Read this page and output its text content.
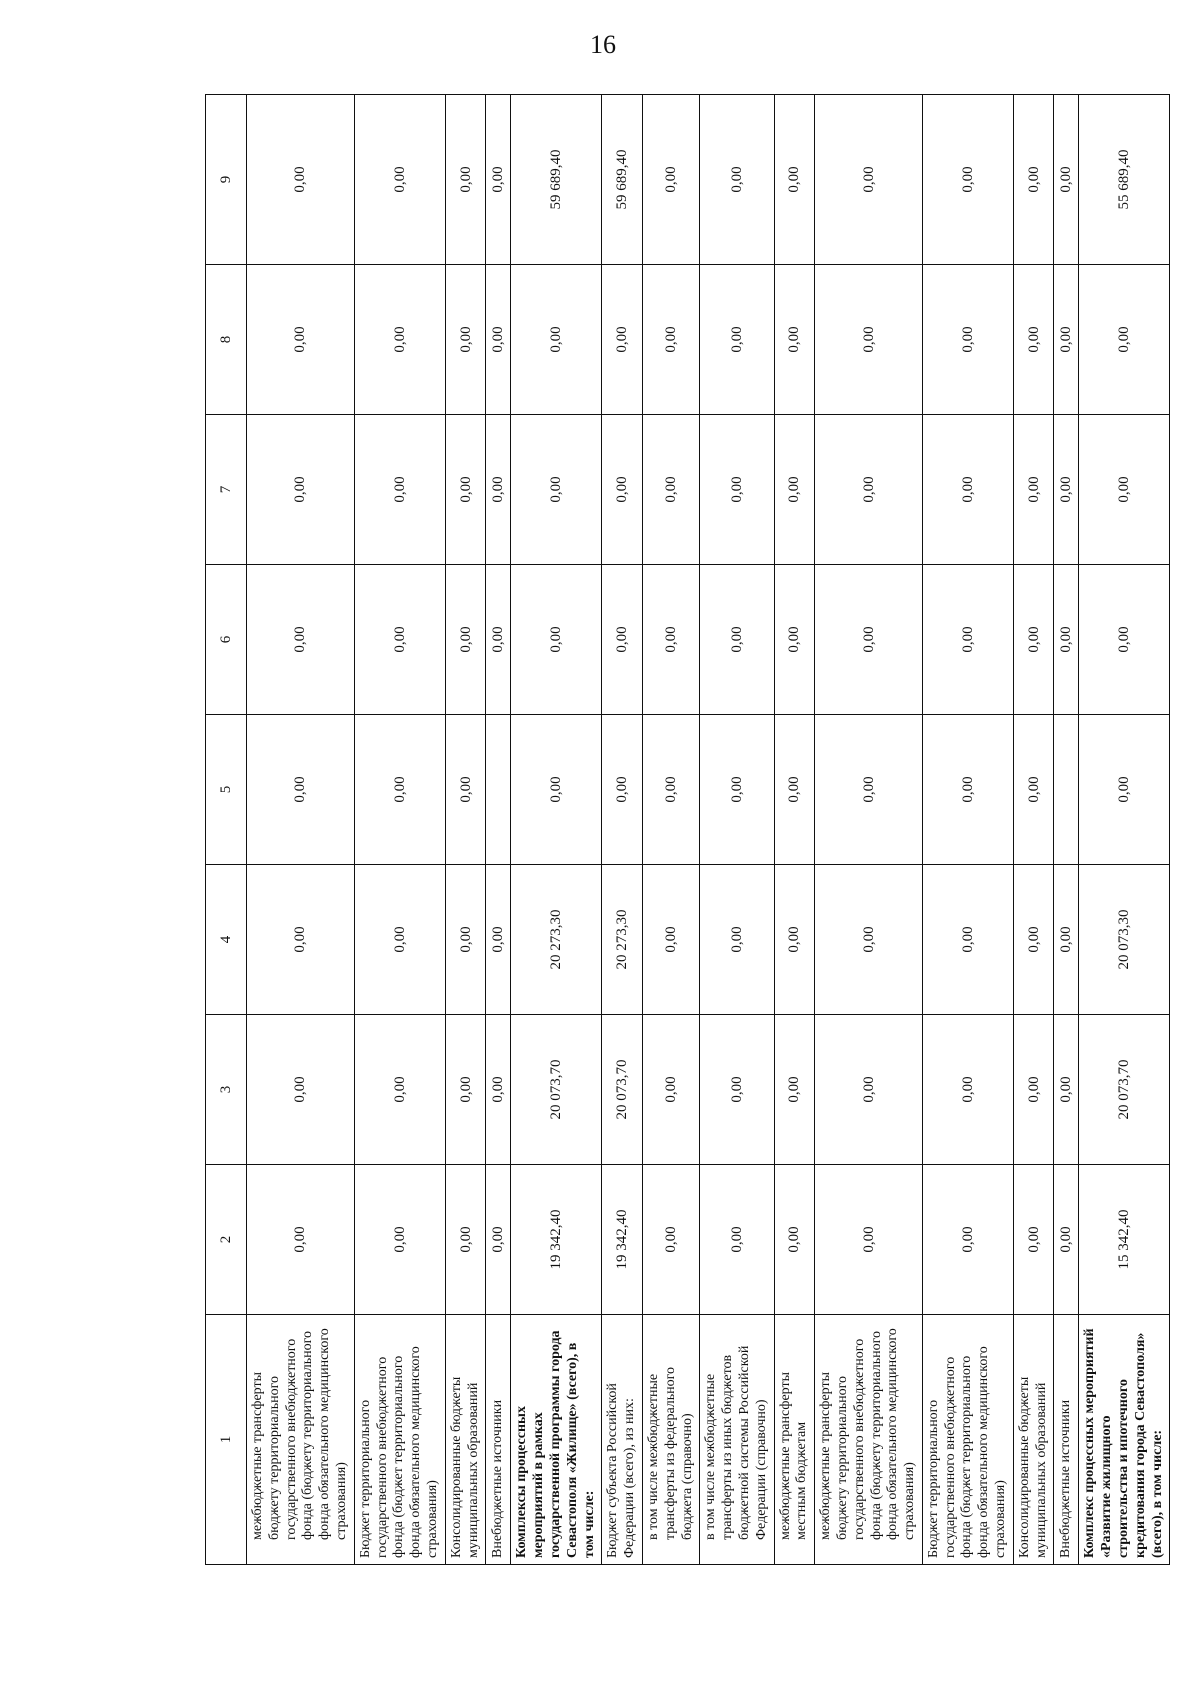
16
1	2	3	4	5	6	7	8	9
межбюджетные трансферты бюджету территориального государственного внебюджетного фонда (бюджету территориального фонда обязательного медицинского страхования)	0,00	0,00	0,00	0,00	0,00	0,00	0,00	0,00
Бюджет территориального государственного внебюджетного фонда (бюджет территориального фонда обязательного медицинского страхования)	0,00	0,00	0,00	0,00	0,00	0,00	0,00	0,00
Консолидированные бюджеты муниципальных образований	0,00	0,00	0,00	0,00	0,00	0,00	0,00	0,00
Внебюджетные источники	0,00	0,00	0,00		0,00	0,00	0,00	0,00
Комплексы процессных мероприятий в рамках государственной программы города Севастополя «Жилище» (всего), в том числе:	19 342,40	20 073,70	20 273,30	0,00	0,00	0,00	0,00	59 689,40
Бюджет субъекта Российской Федерации (всего), из них:	19 342,40	20 073,70	20 273,30	0,00	0,00	0,00	0,00	59 689,40
в том числе межбюджетные трансферты из федерального бюджета (справочно)	0,00	0,00	0,00	0,00	0,00	0,00	0,00	0,00
в том числе межбюджетные трансферты из иных бюджетов бюджетной системы Российской Федерации (справочно)	0,00	0,00	0,00	0,00	0,00	0,00	0,00	0,00
межбюджетные трансферты местным бюджетам	0,00	0,00	0,00	0,00	0,00	0,00	0,00	0,00
межбюджетные трансферты бюджету территориального государственного внебюджетного фонда (бюджету территориального фонда обязательного медицинского страхования)	0,00	0,00	0,00	0,00	0,00	0,00	0,00	0,00
Бюджет территориального государственного внебюджетного фонда (бюджет территориального фонда обязательного медицинского страхования)	0,00	0,00	0,00	0,00	0,00	0,00	0,00	0,00
Консолидированные бюджеты муниципальных образований	0,00	0,00	0,00	0,00	0,00	0,00	0,00	0,00
Внебюджетные источники	0,00	0,00	0,00		0,00	0,00	0,00	0,00
Комплекс процессных мероприятий «Развитие жилищного строительства и ипотечного кредитования города Севастополя» (всего), в том числе:	15 342,40	20 073,70	20 073,30	0,00	0,00	0,00	0,00	55 689,40
